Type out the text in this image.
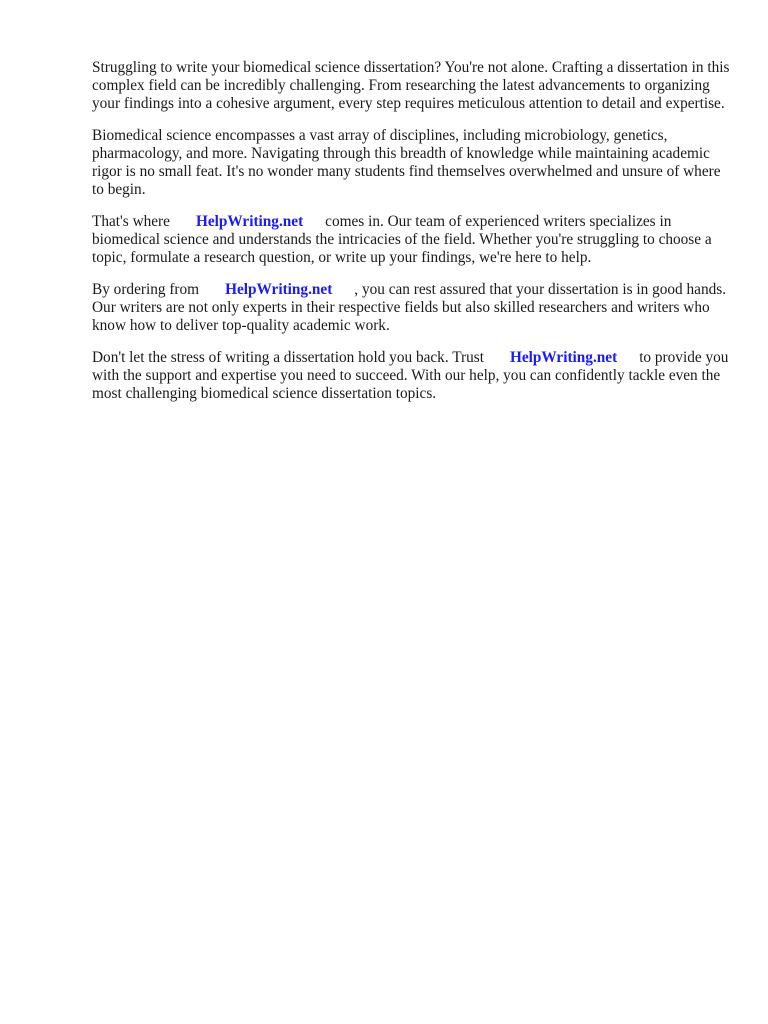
Struggling to write your biomedical science dissertation? You're not alone. Crafting a dissertation in this complex field can be incredibly challenging. From researching the latest advancements to organizing your findings into a cohesive argument, every step requires meticulous attention to detail and expertise.

Biomedical science encompasses a vast array of disciplines, including microbiology, genetics, pharmacology, and more. Navigating through this breadth of knowledge while maintaining academic rigor is no small feat. It's no wonder many students find themselves overwhelmed and unsure of where to begin.

That's where HelpWriting.net comes in. Our team of experienced writers specializes in biomedical science and understands the intricacies of the field. Whether you're struggling to choose a topic, formulate a research question, or write up your findings, we're here to help.

By ordering from HelpWriting.net , you can rest assured that your dissertation is in good hands. Our writers are not only experts in their respective fields but also skilled researchers and writers who know how to deliver top-quality academic work.

Don't let the stress of writing a dissertation hold you back. Trust HelpWriting.net to provide you with the support and expertise you need to succeed. With our help, you can confidently tackle even the most challenging biomedical science dissertation topics.
